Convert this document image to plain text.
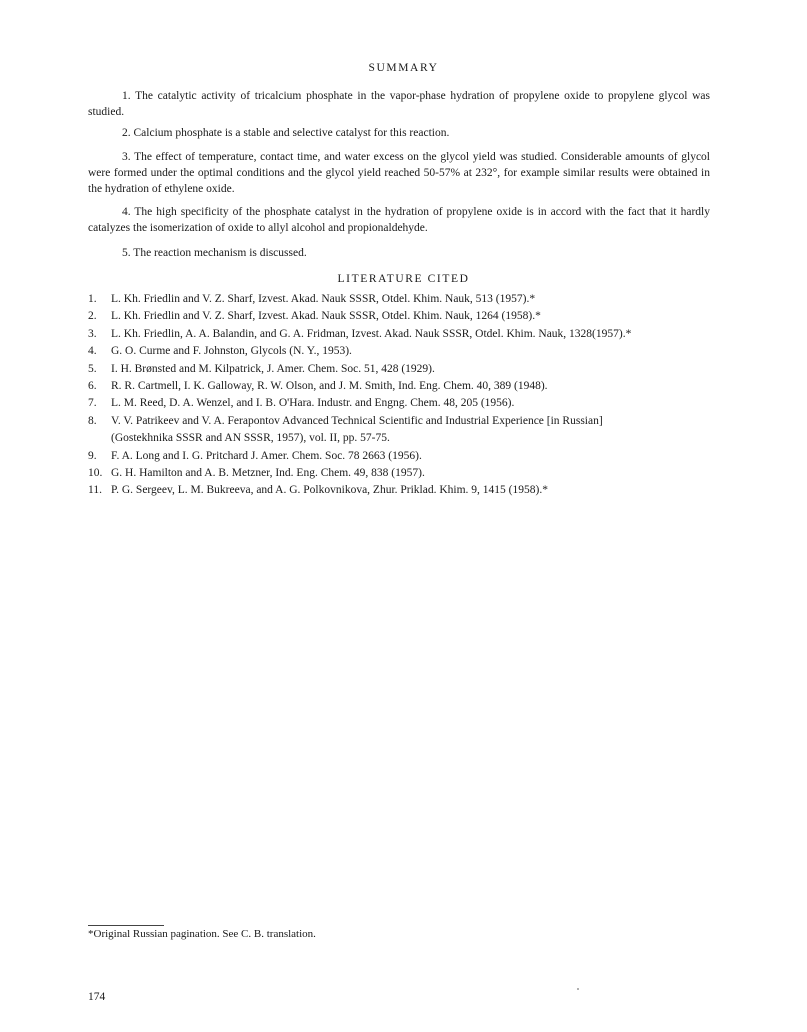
SUMMARY

1. The catalytic activity of tricalcium phosphate in the vapor-phase hydration of propylene oxide to propylene glycol was studied.

2. Calcium phosphate is a stable and selective catalyst for this reaction.

3. The effect of temperature, contact time, and water excess on the glycol yield was studied. Considerable amounts of glycol were formed under the optimal conditions and the glycol yield reached 50-57% at 232°, for example similar results were obtained in the hydration of ethylene oxide.

4. The high specificity of the phosphate catalyst in the hydration of propylene oxide is in accord with the fact that it hardly catalyzes the isomerization of oxide to allyl alcohol and propionaldehyde.

5. The reaction mechanism is discussed.

LITERATURE CITED
1.	L. Kh. Friedlin and V. Z. Sharf, Izvest. Akad. Nauk SSSR, Otdel. Khim. Nauk, 513 (1957).*
2.	L. Kh. Friedlin and V. Z. Sharf, Izvest. Akad. Nauk SSSR, Otdel. Khim. Nauk, 1264 (1958).*
3.	L. Kh. Friedlin, A. A. Balandin, and G. A. Fridman, Izvest. Akad. Nauk SSSR, Otdel. Khim. Nauk, 1328(1957).*
4.	G. O. Curme and F. Johnston, Glycols (N. Y., 1953).
5.	I. H. Brønsted and M. Kilpatrick, J. Amer. Chem. Soc. 51, 428 (1929).
6.	R. R. Cartmell, I. K. Galloway, R. W. Olson, and J. M. Smith, Ind. Eng. Chem. 40, 389 (1948).
7.	L. M. Reed, D. A. Wenzel, and I. B. O'Hara. Industr. and Engng. Chem. 48, 205 (1956).
8.	V. V. Patrikeev and V. A. Ferapontov Advanced Technical Scientific and Industrial Experience [in Russian]
(Gostekhnika SSSR and AN SSSR, 1957), vol. II, pp. 57-75.
9.	F. A. Long and I. G. Pritchard J. Amer. Chem. Soc. 78 2663 (1956).
10. G. H. Hamilton and A. B. Metzner, Ind. Eng. Chem. 49, 838 (1957).
11. P. G. Sergeev, L. M. Bukreeva, and A. G. Polkovnikova, Zhur. Priklad. Khim. 9, 1415 (1958).*
*Original Russian pagination. See C. B. translation.
174
